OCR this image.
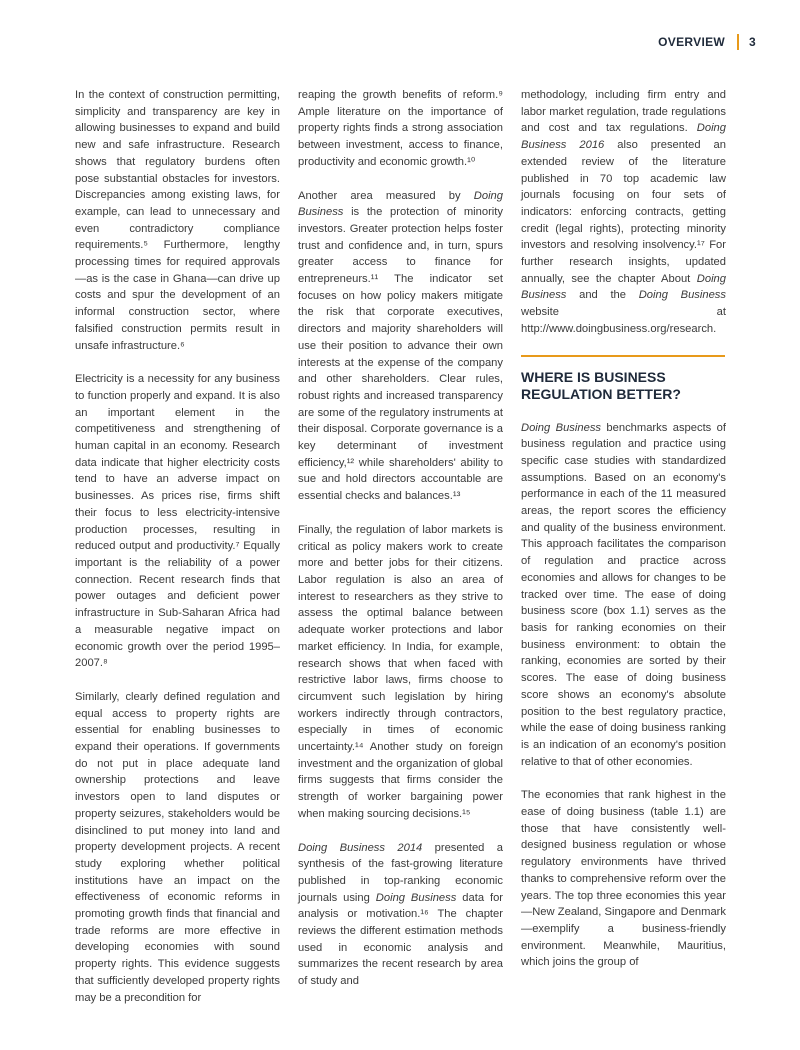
OVERVIEW 3

In the context of construction permitting, simplicity and transparency are key in allowing businesses to expand and build new and safe infrastructure. Research shows that regulatory burdens often pose substantial obstacles for investors. Discrepancies among existing laws, for example, can lead to unnecessary and even contradictory compliance requirements.⁵ Furthermore, lengthy processing times for required approvals—as is the case in Ghana—can drive up costs and spur the development of an informal construction sector, where falsified construction permits result in unsafe infrastructure.⁶

Electricity is a necessity for any business to function properly and expand. It is also an important element in the competitiveness and strengthening of human capital in an economy. Research data indicate that higher electricity costs tend to have an adverse impact on businesses. As prices rise, firms shift their focus to less electricity-intensive production processes, resulting in reduced output and productivity.⁷ Equally important is the reliability of a power connection. Recent research finds that power outages and deficient power infrastructure in Sub-Saharan Africa had a measurable negative impact on economic growth over the period 1995–2007.⁸

Similarly, clearly defined regulation and equal access to property rights are essential for enabling businesses to expand their operations. If governments do not put in place adequate land ownership protections and leave investors open to land disputes or property seizures, stakeholders would be disinclined to put money into land and property development projects. A recent study exploring whether political institutions have an impact on the effectiveness of economic reforms in promoting growth finds that financial and trade reforms are more effective in developing economies with sound property rights. This evidence suggests that sufficiently developed property rights may be a precondition for

reaping the growth benefits of reform.⁹ Ample literature on the importance of property rights finds a strong association between investment, access to finance, productivity and economic growth.¹⁰

Another area measured by Doing Business is the protection of minority investors. Greater protection helps foster trust and confidence and, in turn, spurs greater access to finance for entrepreneurs.¹¹ The indicator set focuses on how policy makers mitigate the risk that corporate executives, directors and majority shareholders will use their position to advance their own interests at the expense of the company and other shareholders. Clear rules, robust rights and increased transparency are some of the regulatory instruments at their disposal. Corporate governance is a key determinant of investment efficiency,¹² while shareholders' ability to sue and hold directors accountable are essential checks and balances.¹³

Finally, the regulation of labor markets is critical as policy makers work to create more and better jobs for their citizens. Labor regulation is also an area of interest to researchers as they strive to assess the optimal balance between adequate worker protections and labor market efficiency. In India, for example, research shows that when faced with restrictive labor laws, firms choose to circumvent such legislation by hiring workers indirectly through contractors, especially in times of economic uncertainty.¹⁴ Another study on foreign investment and the organization of global firms suggests that firms consider the strength of worker bargaining power when making sourcing decisions.¹⁵

Doing Business 2014 presented a synthesis of the fast-growing literature published in top-ranking economic journals using Doing Business data for analysis or motivation.¹⁶ The chapter reviews the different estimation methods used in economic analysis and summarizes the recent research by area of study and

methodology, including firm entry and labor market regulation, trade regulations and cost and tax regulations. Doing Business 2016 also presented an extended review of the literature published in 70 top academic law journals focusing on four sets of indicators: enforcing contracts, getting credit (legal rights), protecting minority investors and resolving insolvency.¹⁷ For further research insights, updated annually, see the chapter About Doing Business and the Doing Business website at http://www.doingbusiness.org/research.

WHERE IS BUSINESS REGULATION BETTER?

Doing Business benchmarks aspects of business regulation and practice using specific case studies with standardized assumptions. Based on an economy's performance in each of the 11 measured areas, the report scores the efficiency and quality of the business environment. This approach facilitates the comparison of regulation and practice across economies and allows for changes to be tracked over time. The ease of doing business score (box 1.1) serves as the basis for ranking economies on their business environment: to obtain the ranking, economies are sorted by their scores. The ease of doing business score shows an economy's absolute position to the best regulatory practice, while the ease of doing business ranking is an indication of an economy's position relative to that of other economies.

The economies that rank highest in the ease of doing business (table 1.1) are those that have consistently well-designed business regulation or whose regulatory environments have thrived thanks to comprehensive reform over the years. The top three economies this year—New Zealand, Singapore and Denmark—exemplify a business-friendly environment. Meanwhile, Mauritius, which joins the group of
